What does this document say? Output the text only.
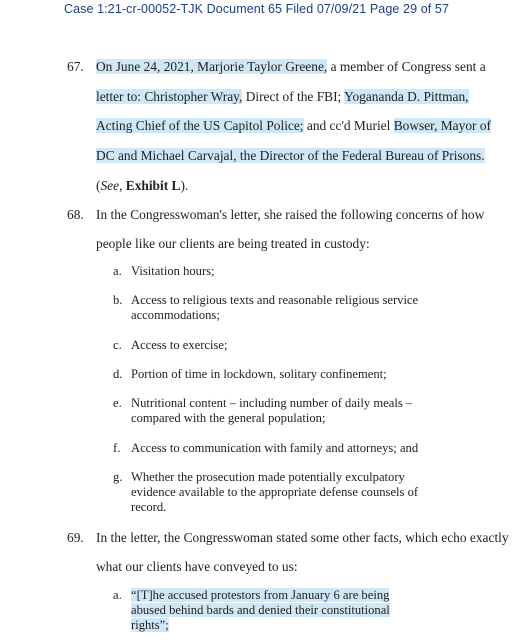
Case 1:21-cr-00052-TJK Document 65 Filed 07/09/21 Page 29 of 57
67. On June 24, 2021, Marjorie Taylor Greene, a member of Congress sent a
letter to: Christopher Wray, Direct of the FBI; Yoganandа D. Pittman,
Acting Chief of the US Capitol Police; and cc'd Muriel Bowser, Mayor of
DC and Michael Carvajal, the Director of the Federal Bureau of Prisons.
(See, Exhibit L).
68. In the Congresswoman's letter, she raised the following concerns of how
people like our clients are being treated in custody:
a. Visitation hours;
b. Access to religious texts and reasonable religious service
accommodations;
c. Access to exercise;
d. Portion of time in lockdown, solitary confinement;
e. Nutritional content – including number of daily meals –
compared with the general population;
f. Access to communication with family and attorneys; and
g. Whether the prosecution made potentially exculpatory
evidence available to the appropriate defense counsels of
record.
69. In the letter, the Congresswoman stated some other facts, which echo exactly
what our clients have conveyed to us:
a. “[T]he accused protestors from January 6 are being
abused behind bards and denied their constitutional
rights”;
